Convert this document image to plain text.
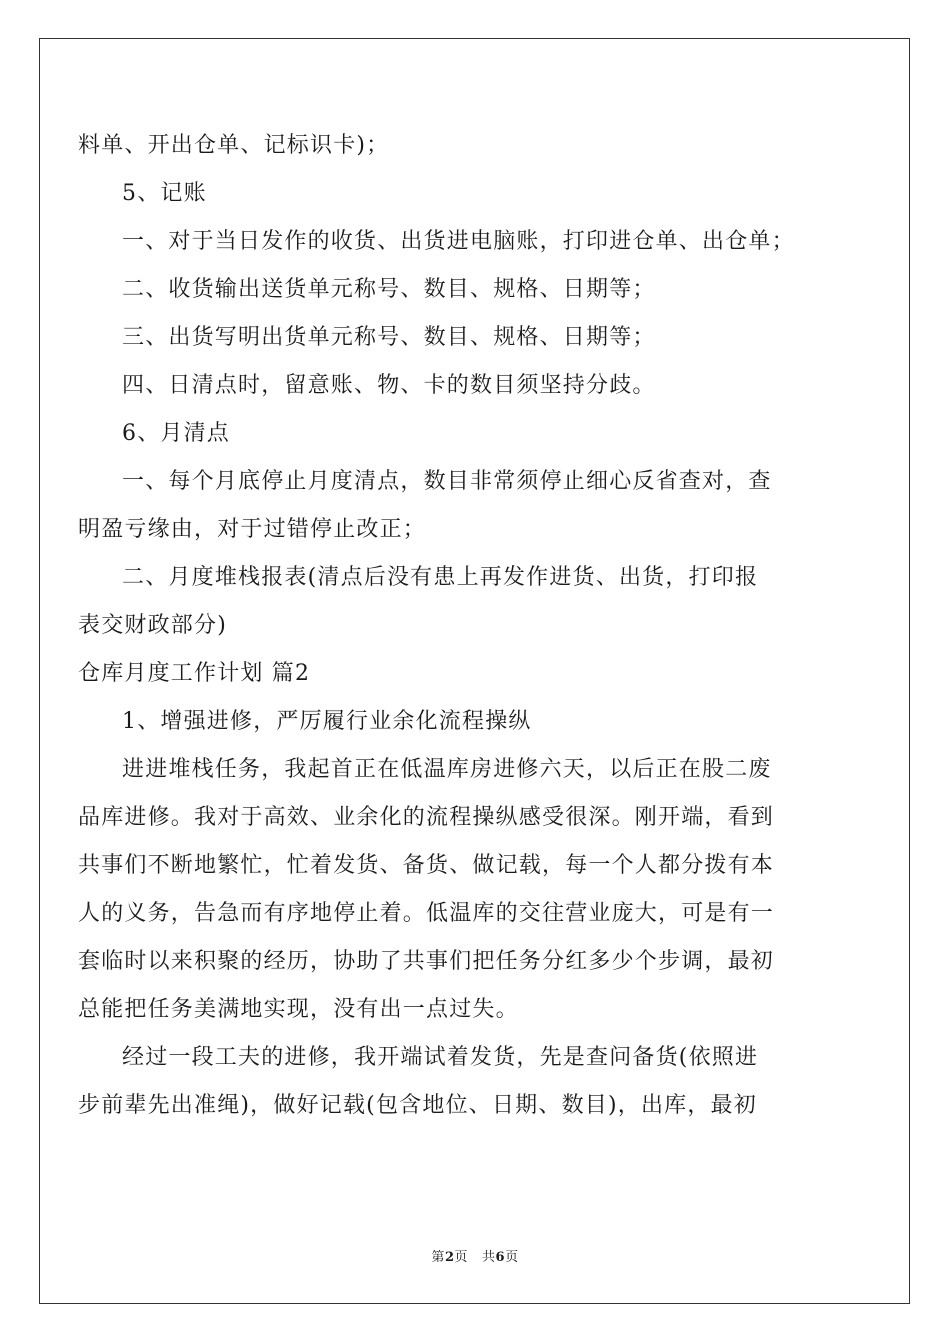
料单、开出仓单、记标识卡)；
5、记账
一、对于当日发作的收货、出货进电脑账，打印进仓单、出仓单；
二、收货输出送货单元称号、数目、规格、日期等；
三、出货写明出货单元称号、数目、规格、日期等；
四、日清点时，留意账、物、卡的数目须坚持分歧。
6、月清点
一、每个月底停止月度清点，数目非常须停止细心反省查对，查
明盈亏缘由，对于过错停止改正；
二、月度堆栈报表(清点后没有患上再发作进货、出货，打印报
表交财政部分)
仓库月度工作计划 篇2
1、增强进修，严厉履行业余化流程操纵
进进堆栈任务，我起首正在低温库房进修六天，以后正在股二废
品库进修。我对于高效、业余化的流程操纵感受很深。刚开端，看到
共事们不断地繁忙，忙着发货、备货、做记载，每一个人都分拨有本
人的义务，告急而有序地停止着。低温库的交往营业庞大，可是有一
套临时以来积聚的经历，协助了共事们把任务分红多少个步调，最初
总能把任务美满地实现，没有出一点过失。
经过一段工夫的进修，我开端试着发货，先是查问备货(依照进
步前辈先出准绳)，做好记载(包含地位、日期、数目)，出库，最初
第2页 共6页
